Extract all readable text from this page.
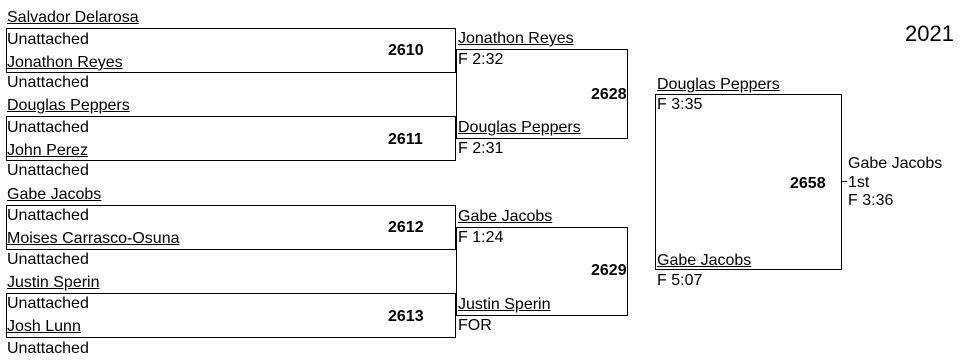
2021
2610
Salvador Delarosa
Unattached
Jonathon Reyes
Unattached
2611
Douglas Peppers
Unattached
John Perez
Unattached
2612
Gabe Jacobs
Unattached
Moises Carrasco-Osuna
Unattached
2613
Justin Sperin
Unattached
Josh Lunn
Unattached
2628
Jonathon Reyes
F 2:32
Douglas Peppers
F 2:31
2629
Gabe Jacobs
F 1:24
Justin Sperin
FOR
2658
Douglas Peppers
F 3:35
Gabe Jacobs
F 5:07
Gabe Jacobs
1st
F 3:36
